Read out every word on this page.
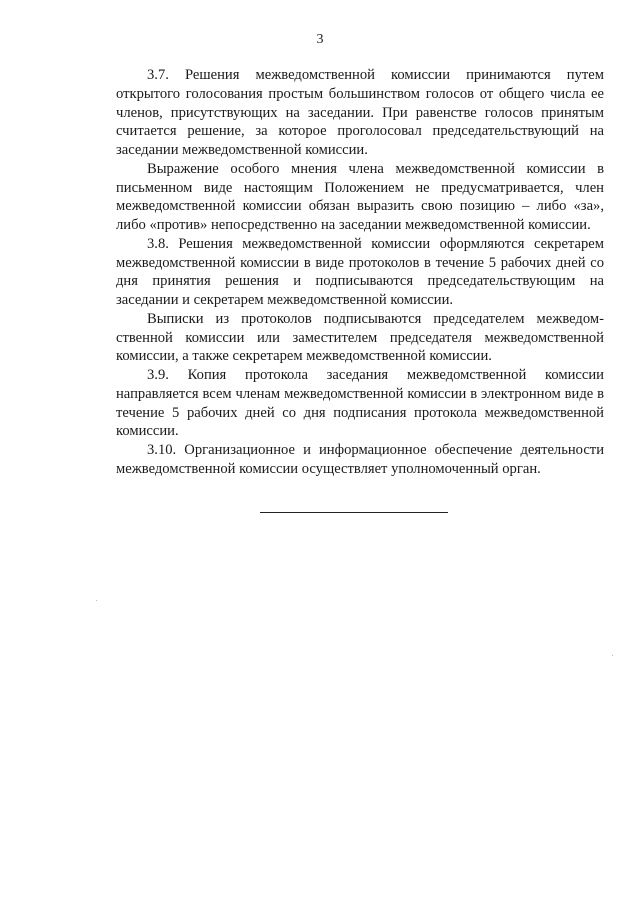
3

3.7. Решения межведомственной комиссии принимаются путем открытого голосования простым большинством голосов от общего числа ее членов, присутствующих на заседании. При равенстве голосов принятым считается решение, за которое проголосовал председательствующий на заседании межведомственной комиссии.

Выражение особого мнения члена межведомственной комиссии в письменном виде настоящим Положением не предусматривается, член межведомственной комиссии обязан выразить свою позицию – либо «за», либо «против» непосредственно на заседании межведомственной комиссии.

3.8. Решения межведомственной комиссии оформляются секретарем межведомственной комиссии в виде протоколов в течение 5 рабочих дней со дня принятия решения и подписываются председательствующим на заседании и секретарем межведомственной комиссии.

Выписки из протоколов подписываются председателем межведомственной комиссии или заместителем председателя межведомственной комиссии, а также секретарем межведомственной комиссии.

3.9. Копия протокола заседания межведомственной комиссии направляется всем членам межведомственной комиссии в электронном виде в течение 5 рабочих дней со дня подписания протокола межведомственной комиссии.

3.10. Организационное и информационное обеспечение деятельности межведомственной комиссии осуществляет уполномоченный орган.
